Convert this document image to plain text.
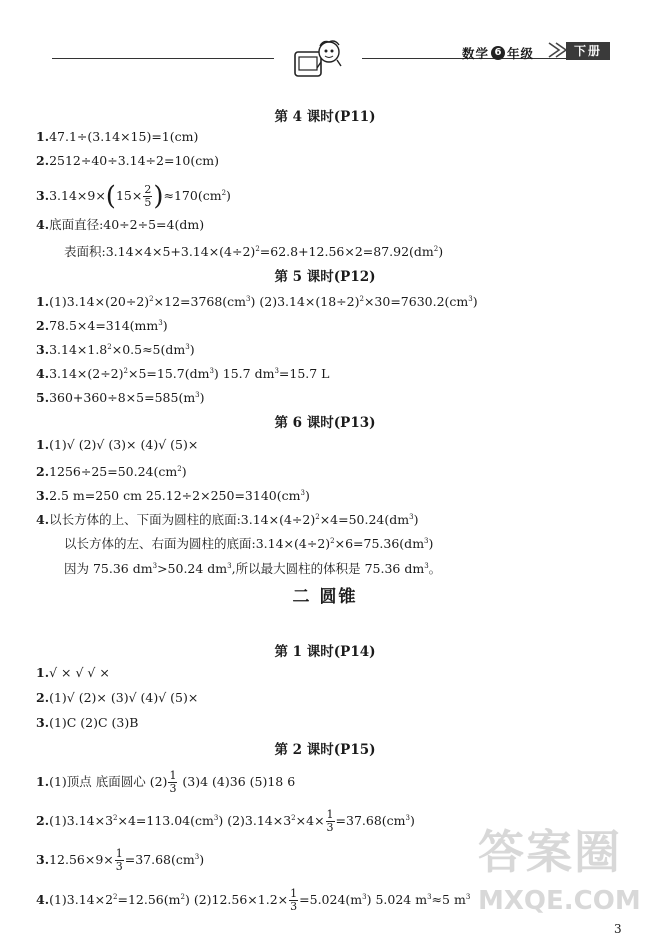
数学 6 年级	下册
第 4 课时(P11)
1.47.1÷(3.14×15)=1(cm)
2.2512÷40÷3.14÷2=10(cm)
$3.3.14\times 9\times(15\times \frac{2}{5} )\approx 170(cm^2)$
4.底面直径:40÷2÷5=4(dm)
表面积$:3.14\times 4\times 5+3.14\times(4\div 2)^2=62.8+12.56\times 2=87.92(dm^2)$
第 5 课时(P12)
$1.(1)3.14\times(20\div 2)^2\times 12=3768(cm^3)$ $(2)3.14\times(18\div 2)^2\times 30=7630.2(cm^3)$
$2.78.5\times 4=314(mm^3)$
$3.3.14\times 1.8^2\times 0.5\approx 5(dm^3)$
$4.3.14\times(2\div 2)^2\times 5=15.7(dm^3)$ 15.7 $dm^3=15.7$ L
$5.360+360\div 8\times 5=585(m^3)$
第 6 课时(P13)
1.(1)√ (2)√ (3)× (4)√ (5)×
$2.1256\div 25=50.24(cm^2)$
3.2.5 m=250 cm $25.12\div 2\times 250=3140(cm^3)$
4.以长方体的上、下面为圆柱的底面$:3.14\times(4\div 2)^2\times 4=50.24(dm^3)$
以长方体的左、右面为圆柱的底面$:3.14\times(4\div 2)^2\times 6=75.36(dm^3)$
因为 75.36 $dm^3>50.24$ $dm^3$,所以最大圆柱的体积是 75.36 $dm^3$。
二 圆锥
第 1 课时(P14)
1.√ × √ √ ×
2.(1)√ (2)× (3)√ (4)√ (5)×
3.(1)C (2)C (3)B
第 2 课时(P15)
1.(1)顶点 底面圆心 $(2) \frac{1}{3} (3)4$ (4)36 (5)18 6
$2.(1)3.14\times 3^2\times 4=113.04(cm^3)$ $(2)3.14\times 3^2\times 4\times \frac{1}{3} =37.68(cm^3)$
$3.12.56\times 9\times \frac{1}{3} =37.68(cm^3)$
$4.(1)3.14\times 2^2=12.56(m^2)$ $(2)12.56\times 1.2\times \frac{1}{3} =5.024(m^3)$ 5.024 $m^3\approx 5$ $m^3$
答案圈
MXQE.COM
3
